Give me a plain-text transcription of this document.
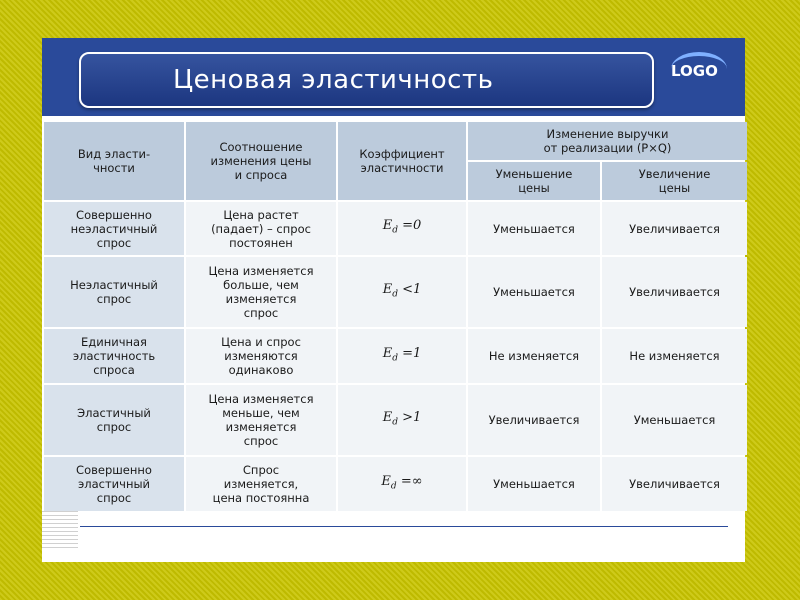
Ценовая эластичность	LOGO
Вид эласти-
чности	Соотношение
изменения цены
и спроса	Коэффициент
эластичности	Изменение выручки
от реализации (P×Q)	
			Уменьшение
цены	Увеличение
цены
Совершенно
неэластичный
спрос	Цена растет
(падает) – спрос
постоянен	$E_d =0$	Уменьшается	Увеличивается
Неэластичный
спрос	Цена изменяется
больше, чем
изменяется
спрос	$E_d <1$	Уменьшается	Увеличивается
Единичная
эластичность
спроса	Цена и спрос
изменяются
одинаково	$E_d =1$	Не изменяется	Не изменяется
Эластичный
спрос	Цена изменяется
меньше, чем
изменяется
спрос	$E_d >1$	Увеличивается	Уменьшается
Совершенно
эластичный
спрос	Спрос
изменяется,
цена постоянна	$E_d$ =∞	Уменьшается	Увеличивается
